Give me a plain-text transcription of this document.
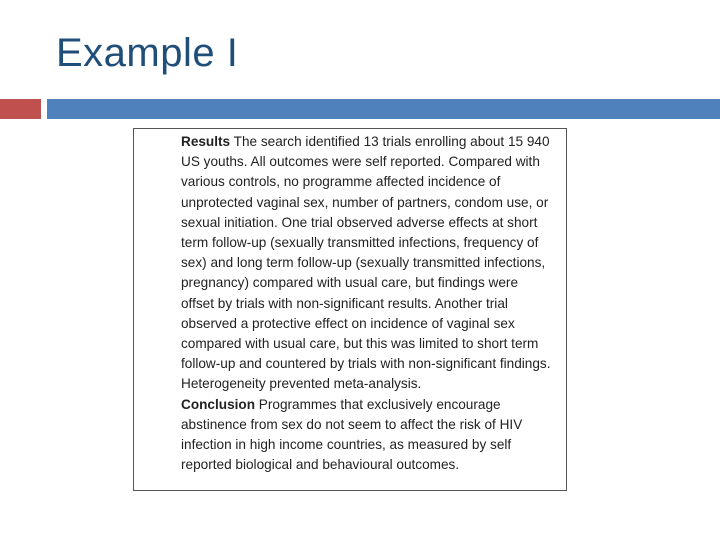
Example I
Results The search identified 13 trials enrolling about 15 940 US youths. All outcomes were self reported. Compared with various controls, no programme affected incidence of unprotected vaginal sex, number of partners, condom use, or sexual initiation. One trial observed adverse effects at short term follow-up (sexually transmitted infections, frequency of sex) and long term follow-up (sexually transmitted infections, pregnancy) compared with usual care, but findings were offset by trials with non-significant results. Another trial observed a protective effect on incidence of vaginal sex compared with usual care, but this was limited to short term follow-up and countered by trials with non-significant findings. Heterogeneity prevented meta-analysis.
Conclusion Programmes that exclusively encourage abstinence from sex do not seem to affect the risk of HIV infection in high income countries, as measured by self reported biological and behavioural outcomes.
